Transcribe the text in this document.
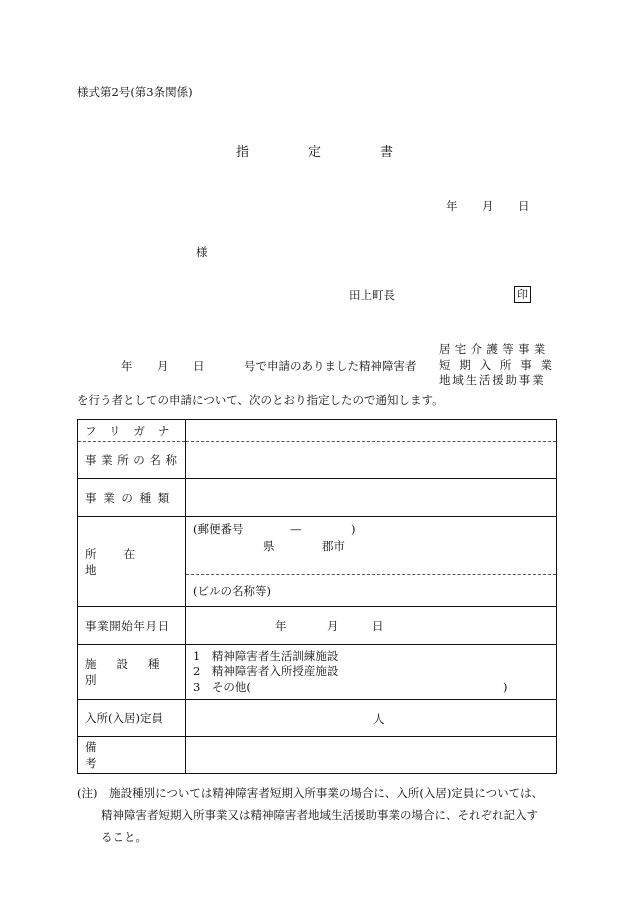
様式第2号(第3条関係)
指	定	書
年 月 日
様
田上町長	印
居宅介護等事業
短期入所事業
地域生活援助事業
年 月 日	号で申請のありました精神障害者
を行う者としての申請について、次のとおり指定したので通知します。
フリガナ	

事業所の名称	
事業の種類	
所在地	(郵便番号 — )
県 郡市

	(ビルの名称等)
事業開始年月日	年 月 日

施設種別	1　精神障害者生活訓練施設
2　精神障害者入所授産施設
3　その他( )

入所(入居)定員	人

備考	
(注) 施設種別については精神障害者短期入所事業の場合に、入所(入居)定員については、
精神障害者短期入所事業又は精神障害者地域生活援助事業の場合に、それぞれ記入す
ること。
